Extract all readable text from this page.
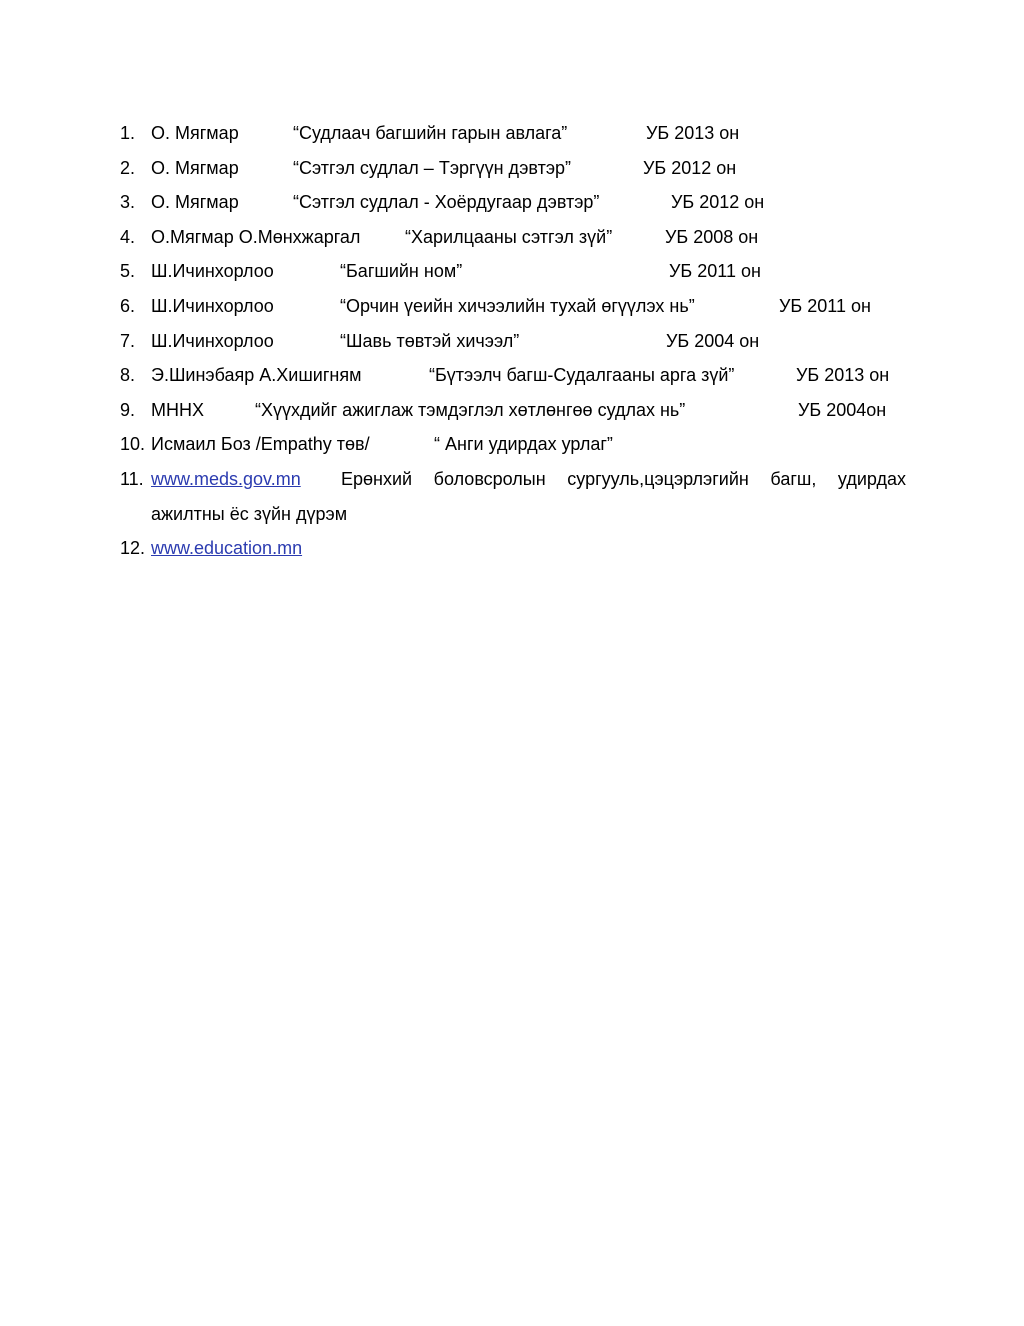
1. О. Мягмар	“Судлаач багшийн гарын авлага”	УБ 2013 он
2. О. Мягмар	“Сэтгэл судлал – Тэргүүн дэвтэр”	УБ 2012 он
3. О. Мягмар	“Сэтгэл судлал - Хоёрдугаар дэвтэр”	УБ 2012 он
4. О.Мягмар О.Мөнхжаргал “Харилцааны сэтгэл зүй”	УБ 2008 он
5. Ш.Ичинхорлоо	“Багшийн ном”	УБ 2011 он
6. Ш.Ичинхорлоо	“Орчин үеийн хичээлийн тухай өгүүлэх нь”	УБ 2011 он
7. Ш.Ичинхорлоо	“Шавь төвтэй хичээл”	УБ 2004 он
8. Э.Шинэбаяр А.Хишигням	“Бүтээлч багш-Судалгааны арга зүй”	УБ 2013 он
9. МННХ	“Хүүхдийг ажиглаж тэмдэглэл хөтлөнгөө судлах нь”	УБ 2004он
10. Исмаил Боз /Empathy төв/	“ Анги удирдах урлаг”
11. www.meds.gov.mn Ерөнхий боловсролын сургууль,цэцэрлэгийн багш, удирдах
ажилтны ёс зүйн дүрэм
12. www.education.mn
